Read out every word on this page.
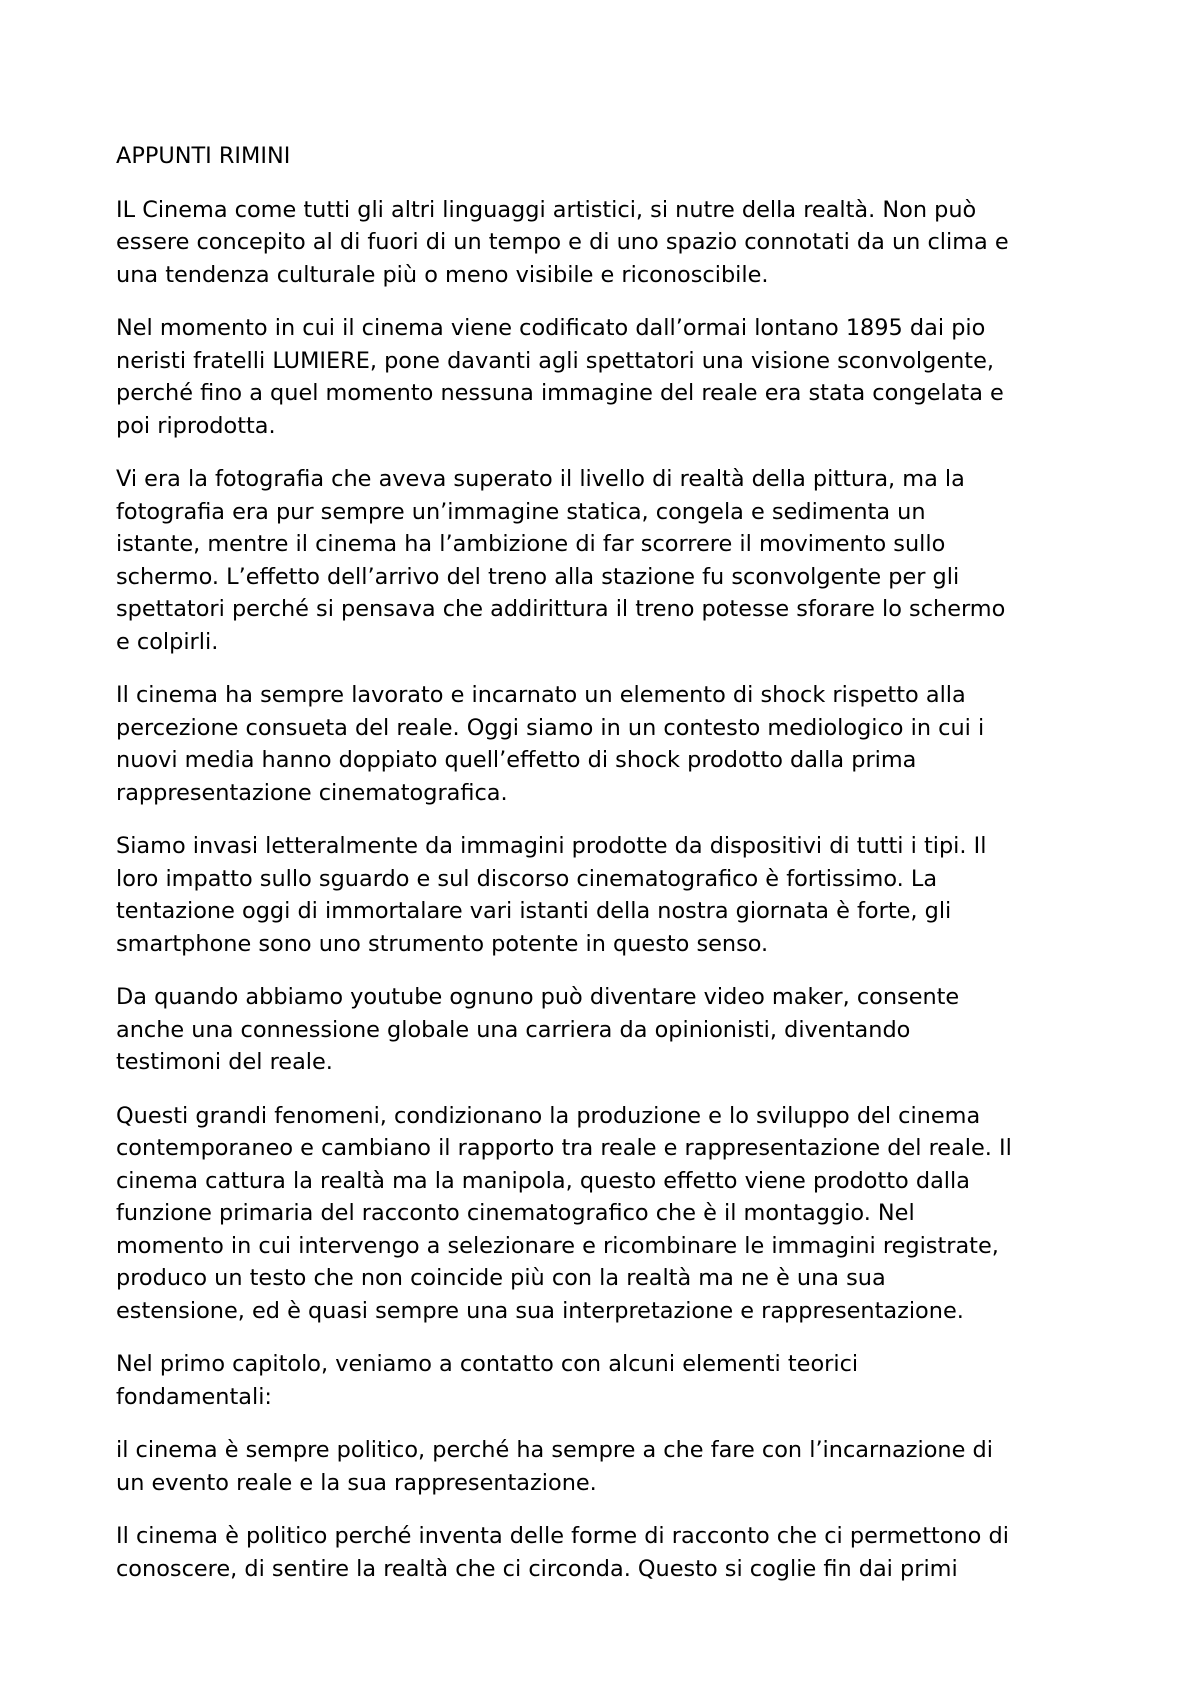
APPUNTI RIMINI

IL Cinema come tutti gli altri linguaggi artistici, si nutre della realtà. Non può
essere concepito al di fuori di un tempo e di uno spazio connotati da un clima e
una tendenza culturale più o meno visibile e riconoscibile.

Nel momento in cui il cinema viene codificato dall’ormai lontano 1895 dai pio
neristi fratelli LUMIERE, pone davanti agli spettatori una visione sconvolgente,
perché fino a quel momento nessuna immagine del reale era stata congelata e
poi riprodotta.

Vi era la fotografia che aveva superato il livello di realtà della pittura, ma la
fotografia era pur sempre un’immagine statica, congela e sedimenta un
istante, mentre il cinema ha l’ambizione di far scorrere il movimento sullo
schermo. L’effetto dell’arrivo del treno alla stazione fu sconvolgente per gli
spettatori perché si pensava che addirittura il treno potesse sforare lo schermo
e colpirli.

Il cinema ha sempre lavorato e incarnato un elemento di shock rispetto alla
percezione consueta del reale. Oggi siamo in un contesto mediologico in cui i
nuovi media hanno doppiato quell’effetto di shock prodotto dalla prima
rappresentazione cinematografica.

Siamo invasi letteralmente da immagini prodotte da dispositivi di tutti i tipi. Il
loro impatto sullo sguardo e sul discorso cinematografico è fortissimo. La
tentazione oggi di immortalare vari istanti della nostra giornata è forte, gli
smartphone sono uno strumento potente in questo senso.

Da quando abbiamo youtube ognuno può diventare video maker, consente
anche una connessione globale una carriera da opinionisti, diventando
testimoni del reale.

Questi grandi fenomeni, condizionano la produzione e lo sviluppo del cinema
contemporaneo e cambiano il rapporto tra reale e rappresentazione del reale. Il
cinema cattura la realtà ma la manipola, questo effetto viene prodotto dalla
funzione primaria del racconto cinematografico che è il montaggio. Nel
momento in cui intervengo a selezionare e ricombinare le immagini registrate,
produco un testo che non coincide più con la realtà ma ne è una sua
estensione, ed è quasi sempre una sua interpretazione e rappresentazione.

Nel primo capitolo, veniamo a contatto con alcuni elementi teorici
fondamentali:

il cinema è sempre politico, perché ha sempre a che fare con l’incarnazione di
un evento reale e la sua rappresentazione.

Il cinema è politico perché inventa delle forme di racconto che ci permettono di
conoscere, di sentire la realtà che ci circonda. Questo si coglie fin dai primi
